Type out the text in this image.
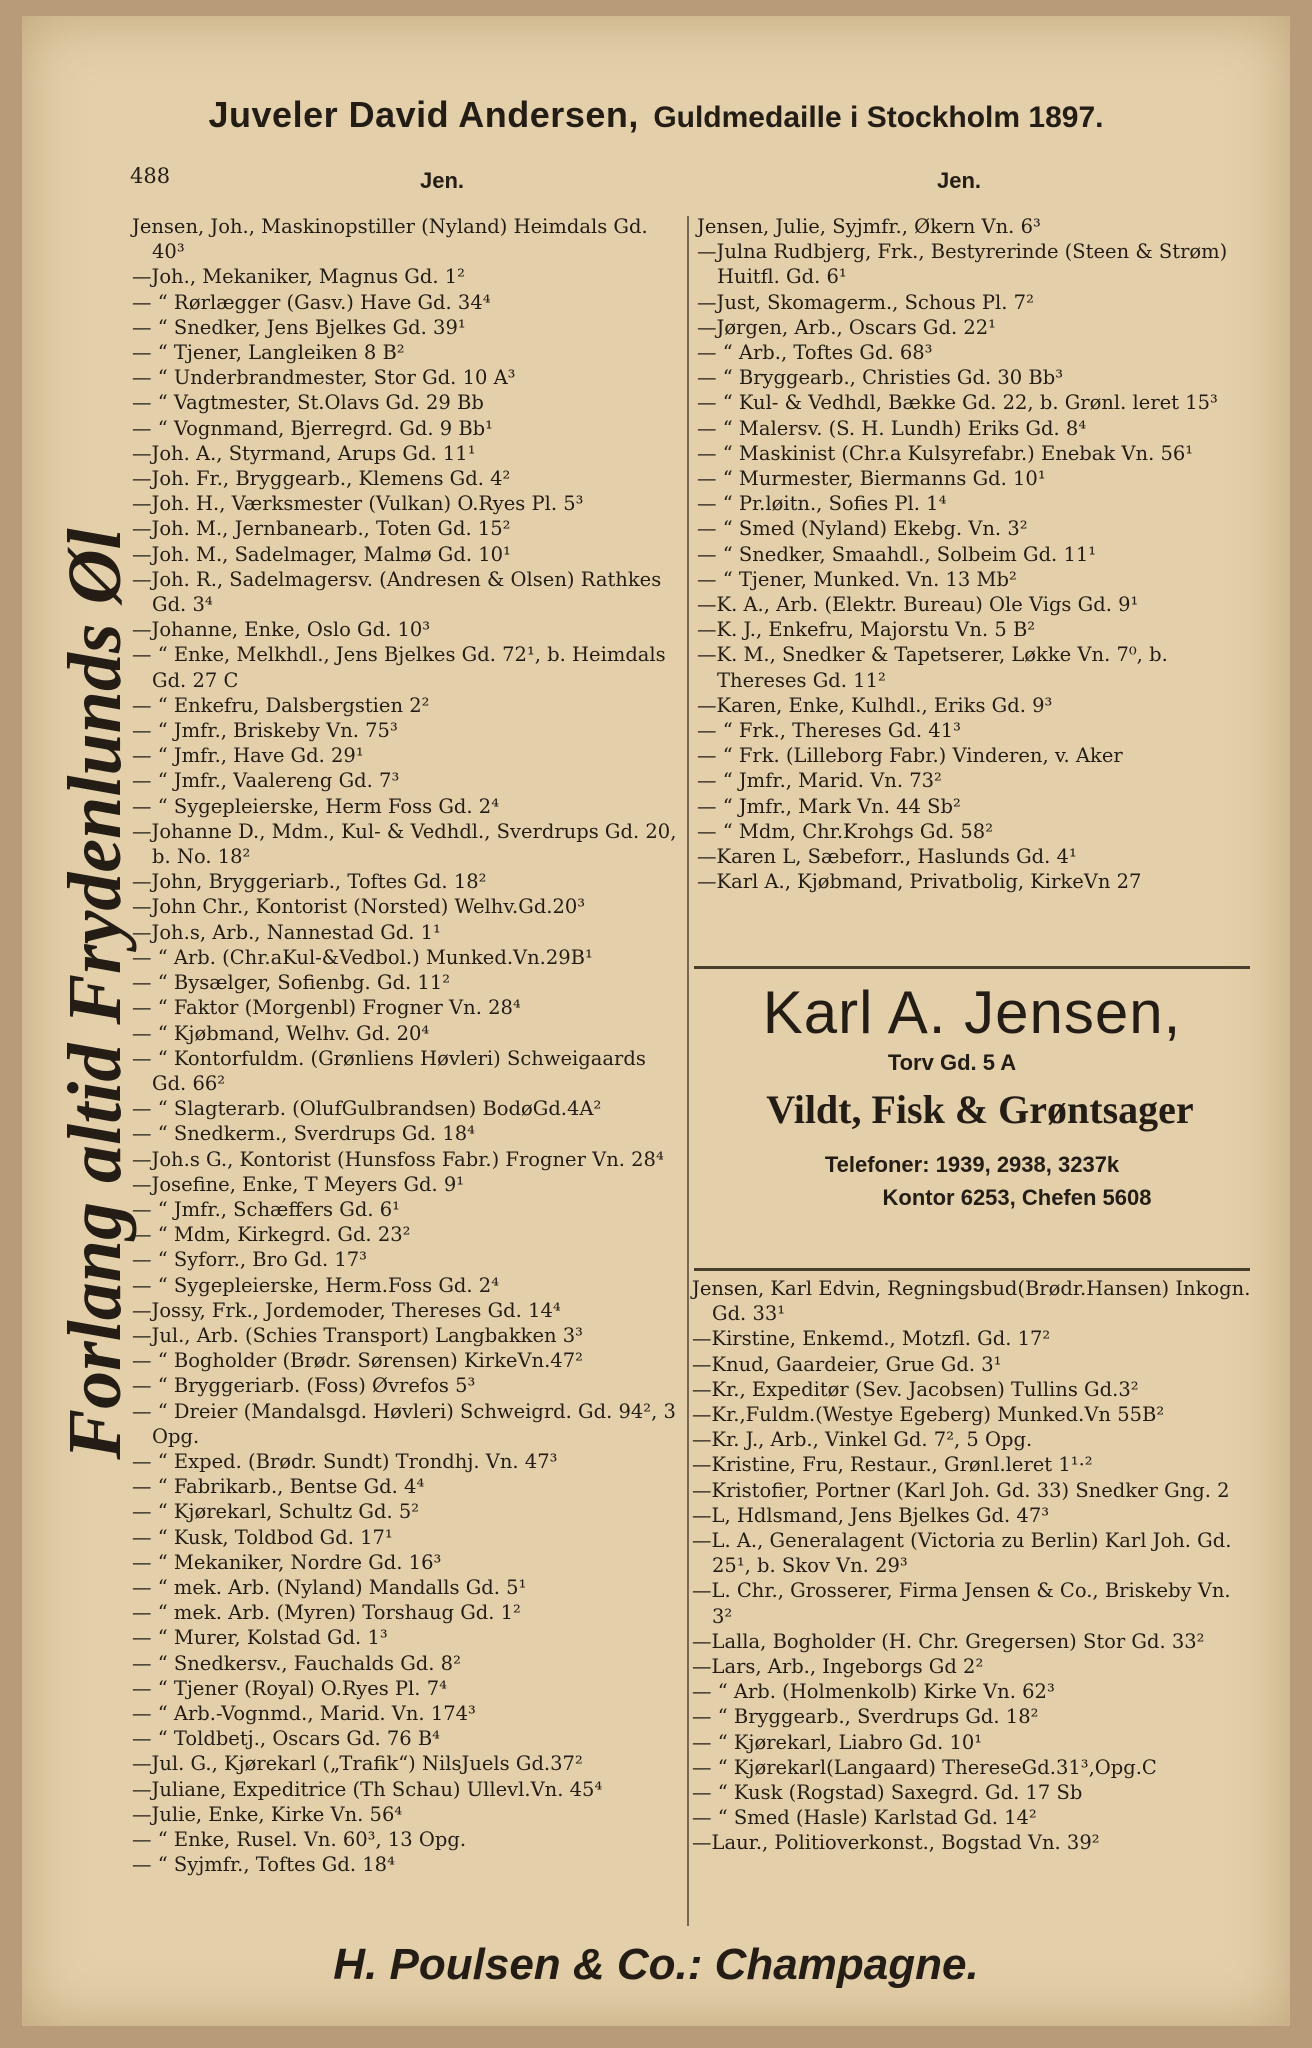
Juveler David Andersen, Guldmedaille i Stockholm 1897.
488	Jen.	Jen.
Forlang altid Frydenlunds Øl
Jensen, Joh., Maskinopstiller (Nyland) Heimdals Gd. 40³
—Joh., Mekaniker, Magnus Gd. 1²
— “ Rørlægger (Gasv.) Have Gd. 34⁴
— “ Snedker, Jens Bjelkes Gd. 39¹
— “ Tjener, Langleiken 8 B²
— “ Underbrandmester, Stor Gd. 10 A³
— “ Vagtmester, St.Olavs Gd. 29 Bb
— “ Vognmand, Bjerregrd. Gd. 9 Bb¹
—Joh. A., Styrmand, Arups Gd. 11¹
—Joh. Fr., Bryggearb., Klemens Gd. 4²
—Joh. H., Værksmester (Vulkan) O.Ryes Pl. 5³
—Joh. M., Jernbanearb., Toten Gd. 15²
—Joh. M., Sadelmager, Malmø Gd. 10¹
—Joh. R., Sadelmagersv. (Andresen & Olsen) Rathkes Gd. 3⁴
—Johanne, Enke, Oslo Gd. 10³
— “ Enke, Melkhdl., Jens Bjelkes Gd. 72¹, b. Heimdals Gd. 27 C
— “ Enkefru, Dalsbergstien 2²
— “ Jmfr., Briskeby Vn. 75³
— “ Jmfr., Have Gd. 29¹
— “ Jmfr., Vaalereng Gd. 7³
— “ Sygepleierske, Herm Foss Gd. 2⁴
—Johanne D., Mdm., Kul- & Vedhdl., Sverdrups Gd. 20, b. No. 18²
—John, Bryggeriarb., Toftes Gd. 18²
—John Chr., Kontorist (Norsted) Welhv.Gd.20³
—Joh.s, Arb., Nannestad Gd. 1¹
— “ Arb. (Chr.aKul-&Vedbol.) Munked.Vn.29B¹
— “ Bysælger, Sofienbg. Gd. 11²
— “ Faktor (Morgenbl) Frogner Vn. 28⁴
— “ Kjøbmand, Welhv. Gd. 20⁴
— “ Kontorfuldm. (Grønliens Høvleri) Schweigaards Gd. 66²
— “ Slagterarb. (OlufGulbrandsen) BodøGd.4A²
— “ Snedkerm., Sverdrups Gd. 18⁴
—Joh.s G., Kontorist (Hunsfoss Fabr.) Frogner Vn. 28⁴
—Josefine, Enke, T Meyers Gd. 9¹
— “ Jmfr., Schæffers Gd. 6¹
— “ Mdm, Kirkegrd. Gd. 23²
— “ Syforr., Bro Gd. 17³
— “ Sygepleierske, Herm.Foss Gd. 2⁴
—Jossy, Frk., Jordemoder, Thereses Gd. 14⁴
—Jul., Arb. (Schies Transport) Langbakken 3³
— “ Bogholder (Brødr. Sørensen) KirkeVn.47²
— “ Bryggeriarb. (Foss) Øvrefos 5³
— “ Dreier (Mandalsgd. Høvleri) Schweigrd. Gd. 94², 3 Opg.
— “ Exped. (Brødr. Sundt) Trondhj. Vn. 47³
— “ Fabrikarb., Bentse Gd. 4⁴
— “ Kjørekarl, Schultz Gd. 5²
— “ Kusk, Toldbod Gd. 17¹
— “ Mekaniker, Nordre Gd. 16³
— “ mek. Arb. (Nyland) Mandalls Gd. 5¹
— “ mek. Arb. (Myren) Torshaug Gd. 1²
— “ Murer, Kolstad Gd. 1³
— “ Snedkersv., Fauchalds Gd. 8²
— “ Tjener (Royal) O.Ryes Pl. 7⁴
— “ Arb.-Vognmd., Marid. Vn. 174³
— “ Toldbetj., Oscars Gd. 76 B⁴
—Jul. G., Kjørekarl („Trafik“) NilsJuels Gd.37²
—Juliane, Expeditrice (Th Schau) Ullevl.Vn. 45⁴
—Julie, Enke, Kirke Vn. 56⁴
— “ Enke, Rusel. Vn. 60³, 13 Opg.
— “ Syjmfr., Toftes Gd. 18⁴
Jensen, Julie, Syjmfr., Økern Vn. 6³
—Julna Rudbjerg, Frk., Bestyrerinde (Steen & Strøm) Huitfl. Gd. 6¹
—Just, Skomagerm., Schous Pl. 7²
—Jørgen, Arb., Oscars Gd. 22¹
— “ Arb., Toftes Gd. 68³
— “ Bryggearb., Christies Gd. 30 Bb³
— “ Kul- & Vedhdl, Bække Gd. 22, b. Grønl. leret 15³
— “ Malersv. (S. H. Lundh) Eriks Gd. 8⁴
— “ Maskinist (Chr.a Kulsyrefabr.) Enebak Vn. 56¹
— “ Murmester, Biermanns Gd. 10¹
— “ Pr.løitn., Sofies Pl. 1⁴
— “ Smed (Nyland) Ekebg. Vn. 3²
— “ Snedker, Smaahdl., Solbeim Gd. 11¹
— “ Tjener, Munked. Vn. 13 Mb²
—K. A., Arb. (Elektr. Bureau) Ole Vigs Gd. 9¹
—K. J., Enkefru, Majorstu Vn. 5 B²
—K. M., Snedker & Tapetserer, Løkke Vn. 7⁰, b. Thereses Gd. 11²
—Karen, Enke, Kulhdl., Eriks Gd. 9³
— “ Frk., Thereses Gd. 41³
— “ Frk. (Lilleborg Fabr.) Vinderen, v. Aker
— “ Jmfr., Marid. Vn. 73²
— “ Jmfr., Mark Vn. 44 Sb²
— “ Mdm, Chr.Krohgs Gd. 58²
—Karen L, Sæbeforr., Haslunds Gd. 4¹
—Karl A., Kjøbmand, Privatbolig, KirkeVn 27
Karl A. Jensen,
Torv Gd. 5 A
Vildt, Fisk & Grøntsager
Telefoner: 1939, 2938, 3237k
Kontor 6253, Chefen 5608
Jensen, Karl Edvin, Regningsbud(Brødr.Hansen) Inkogn. Gd. 33¹
—Kirstine, Enkemd., Motzfl. Gd. 17²
—Knud, Gaardeier, Grue Gd. 3¹
—Kr., Expeditør (Sev. Jacobsen) Tullins Gd.3²
—Kr.,Fuldm.(Westye Egeberg) Munked.Vn 55B²
—Kr. J., Arb., Vinkel Gd. 7², 5 Opg.
—Kristine, Fru, Restaur., Grønl.leret 1¹·²
—Kristofier, Portner (Karl Joh. Gd. 33) Snedker Gng. 2
—L, Hdlsmand, Jens Bjelkes Gd. 47³
—L. A., Generalagent (Victoria zu Berlin) Karl Joh. Gd. 25¹, b. Skov Vn. 29³
—L. Chr., Grosserer, Firma Jensen & Co., Briskeby Vn. 3²
—Lalla, Bogholder (H. Chr. Gregersen) Stor Gd. 33²
—Lars, Arb., Ingeborgs Gd 2²
— “ Arb. (Holmenkolb) Kirke Vn. 62³
— “ Bryggearb., Sverdrups Gd. 18²
— “ Kjørekarl, Liabro Gd. 10¹
— “ Kjørekarl(Langaard) ThereseGd.31³,Opg.C
— “ Kusk (Rogstad) Saxegrd. Gd. 17 Sb
— “ Smed (Hasle) Karlstad Gd. 14²
—Laur., Politioverkonst., Bogstad Vn. 39²
H. Poulsen & Co.: Champagne.
